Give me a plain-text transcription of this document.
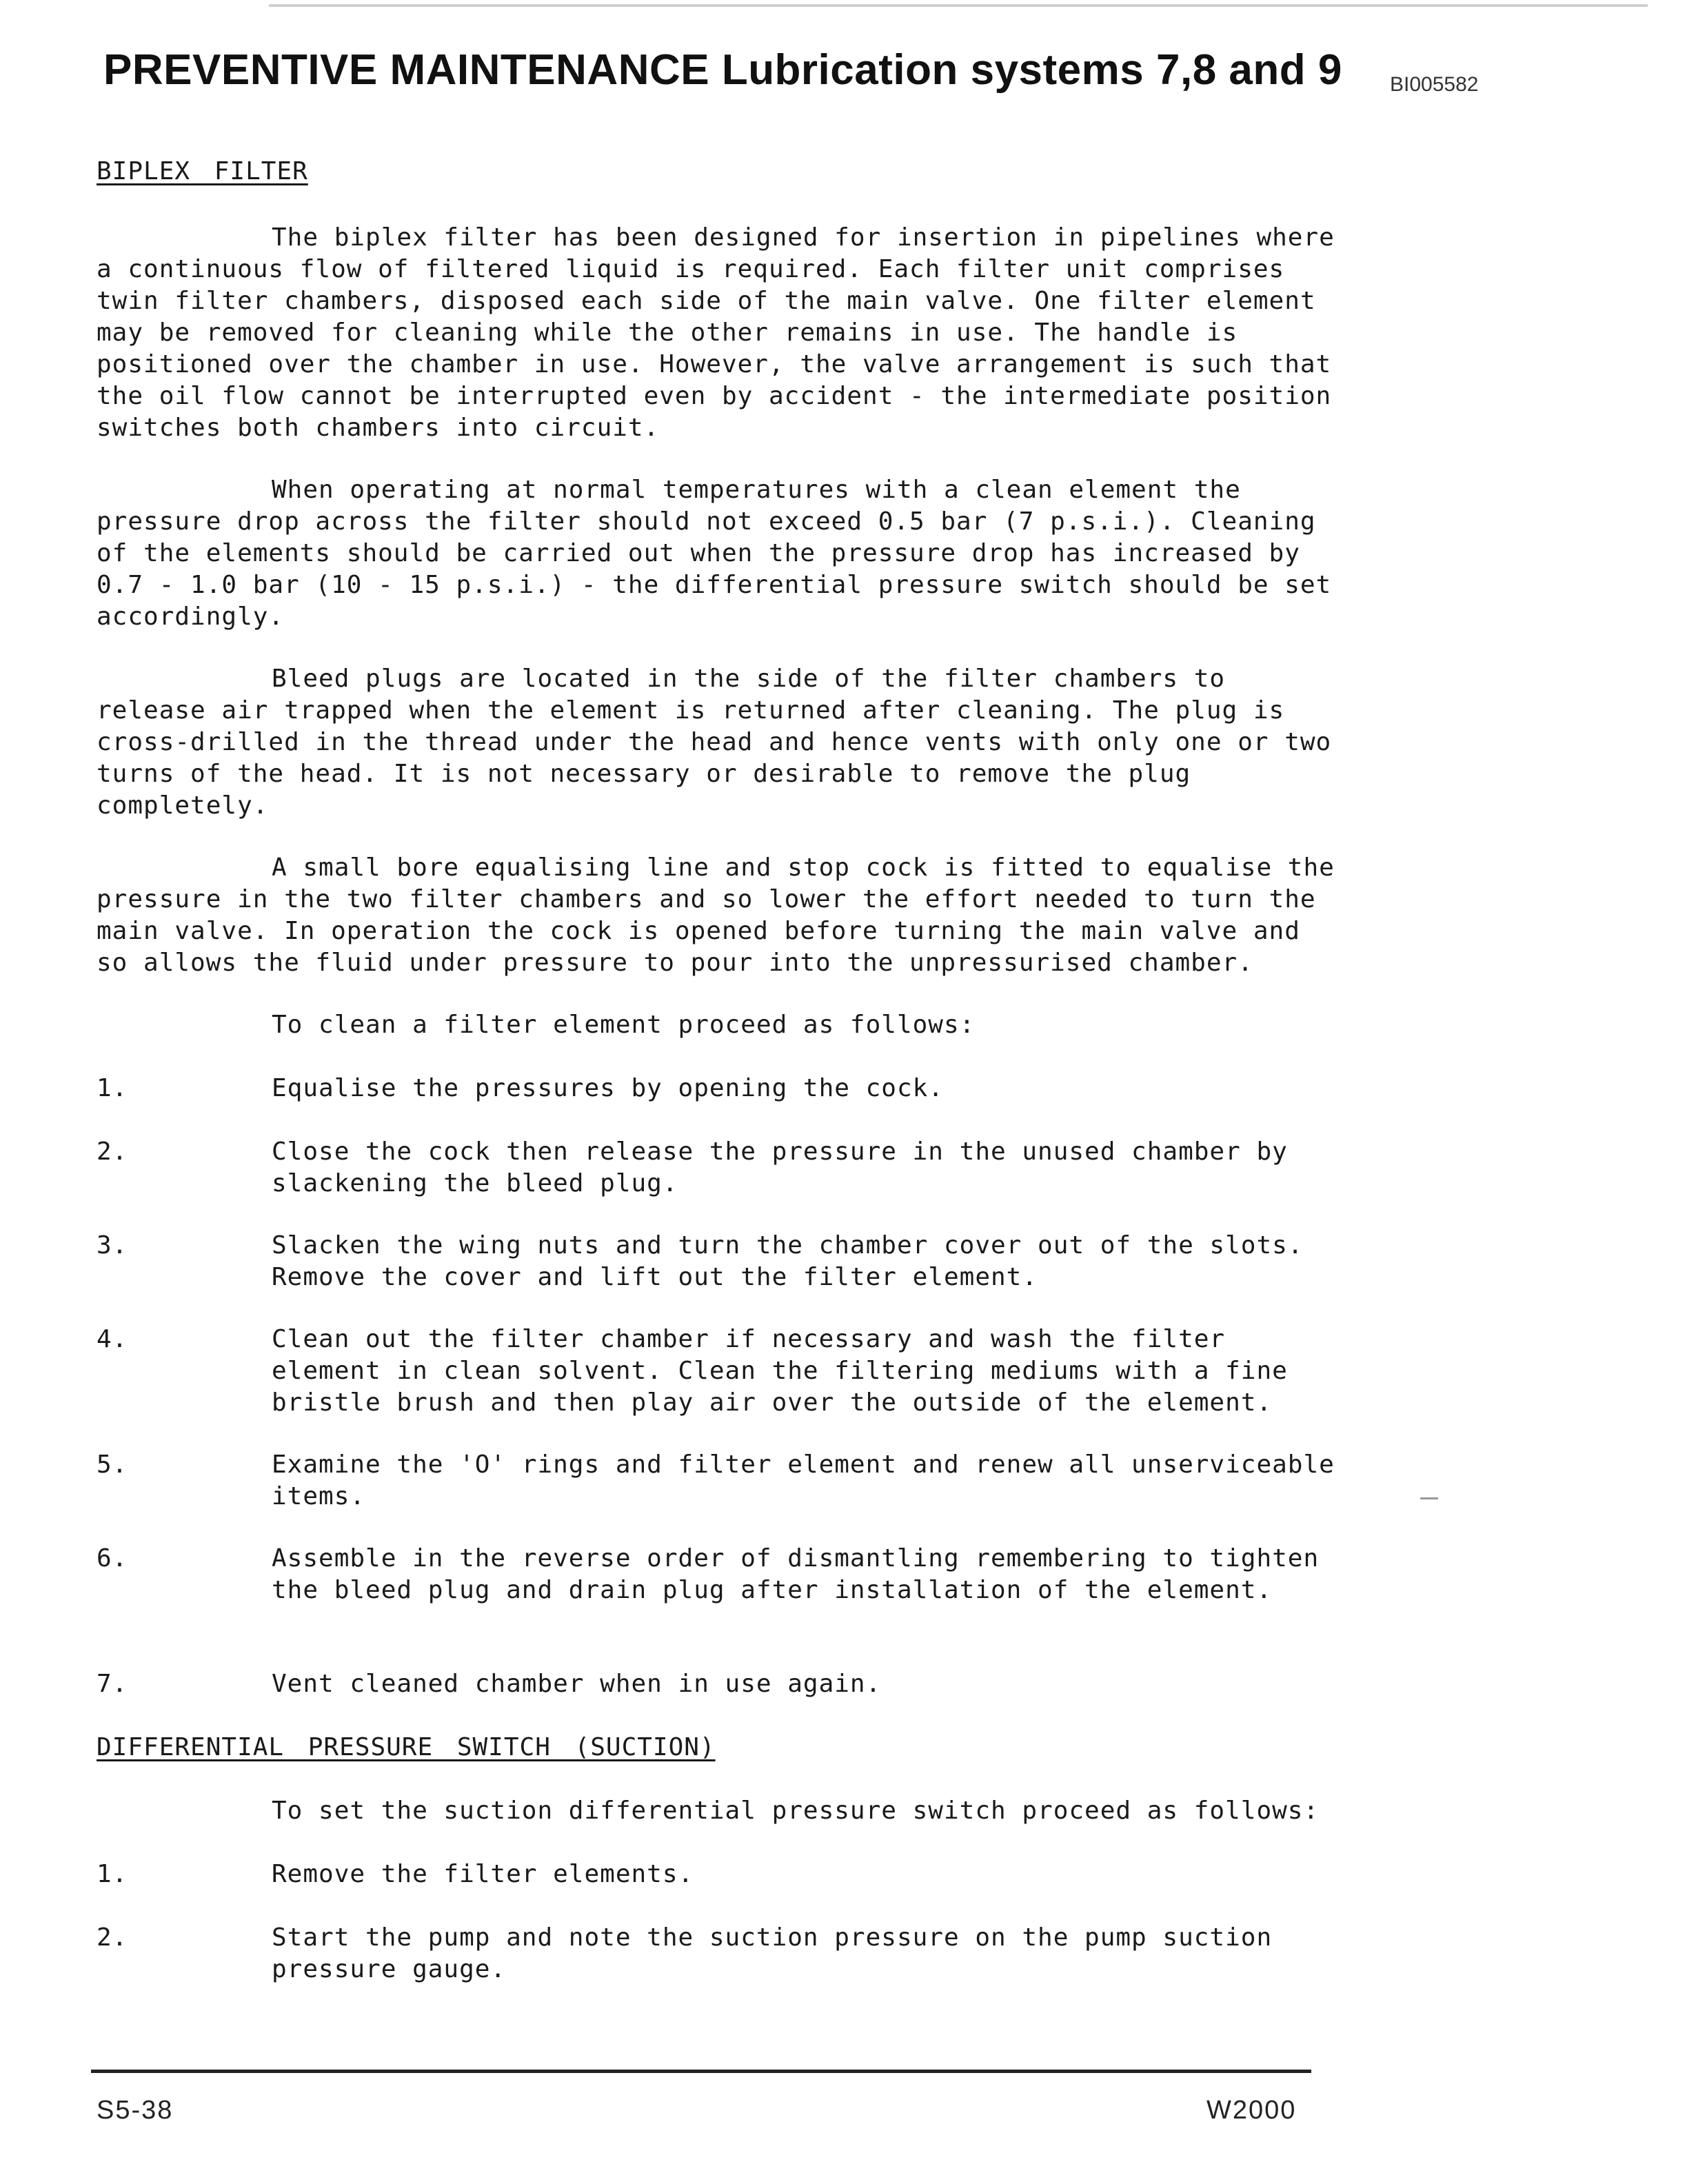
PREVENTIVE MAINTENANCE Lubrication systems 7,8 and 9 BI005582
BIPLEX FILTER

The biplex filter has been designed for insertion in pipelines where a continuous flow of filtered liquid is required. Each filter unit comprises twin filter chambers, disposed each side of the main valve. One filter element may be removed for cleaning while the other remains in use. The handle is positioned over the chamber in use. However, the valve arrangement is such that the oil flow cannot be interrupted even by accident - the intermediate position switches both chambers into circuit.

When operating at normal temperatures with a clean element the pressure drop across the filter should not exceed 0.5 bar (7 p.s.i.). Cleaning of the elements should be carried out when the pressure drop has increased by 0.7 - 1.0 bar (10 - 15 p.s.i.) - the differential pressure switch should be set accordingly.

Bleed plugs are located in the side of the filter chambers to release air trapped when the element is returned after cleaning. The plug is cross-drilled in the thread under the head and hence vents with only one or two turns of the head. It is not necessary or desirable to remove the plug completely.

A small bore equalising line and stop cock is fitted to equalise the pressure in the two filter chambers and so lower the effort needed to turn the main valve. In operation the cock is opened before turning the main valve and so allows the fluid under pressure to pour into the unpressurised chamber.

To clean a filter element proceed as follows:
1.	Equalise the pressures by opening the cock.
2.	Close the cock then release the pressure in the unused chamber by slackening the bleed plug.
3.	Slacken the wing nuts and turn the chamber cover out of the slots. Remove the cover and lift out the filter element.
4.	Clean out the filter chamber if necessary and wash the filter element in clean solvent. Clean the filtering mediums with a fine bristle brush and then play air over the outside of the element.
5.	Examine the 'O' rings and filter element and renew all unserviceable items.
6.	Assemble in the reverse order of dismantling remembering to tighten the bleed plug and drain plug after installation of the element.
7.	Vent cleaned chamber when in use again.
DIFFERENTIAL PRESSURE SWITCH (SUCTION)
To set the suction differential pressure switch proceed as follows:
1.	Remove the filter elements.
2.	Start the pump and note the suction pressure on the pump suction pressure gauge.
S5-38	W2000
